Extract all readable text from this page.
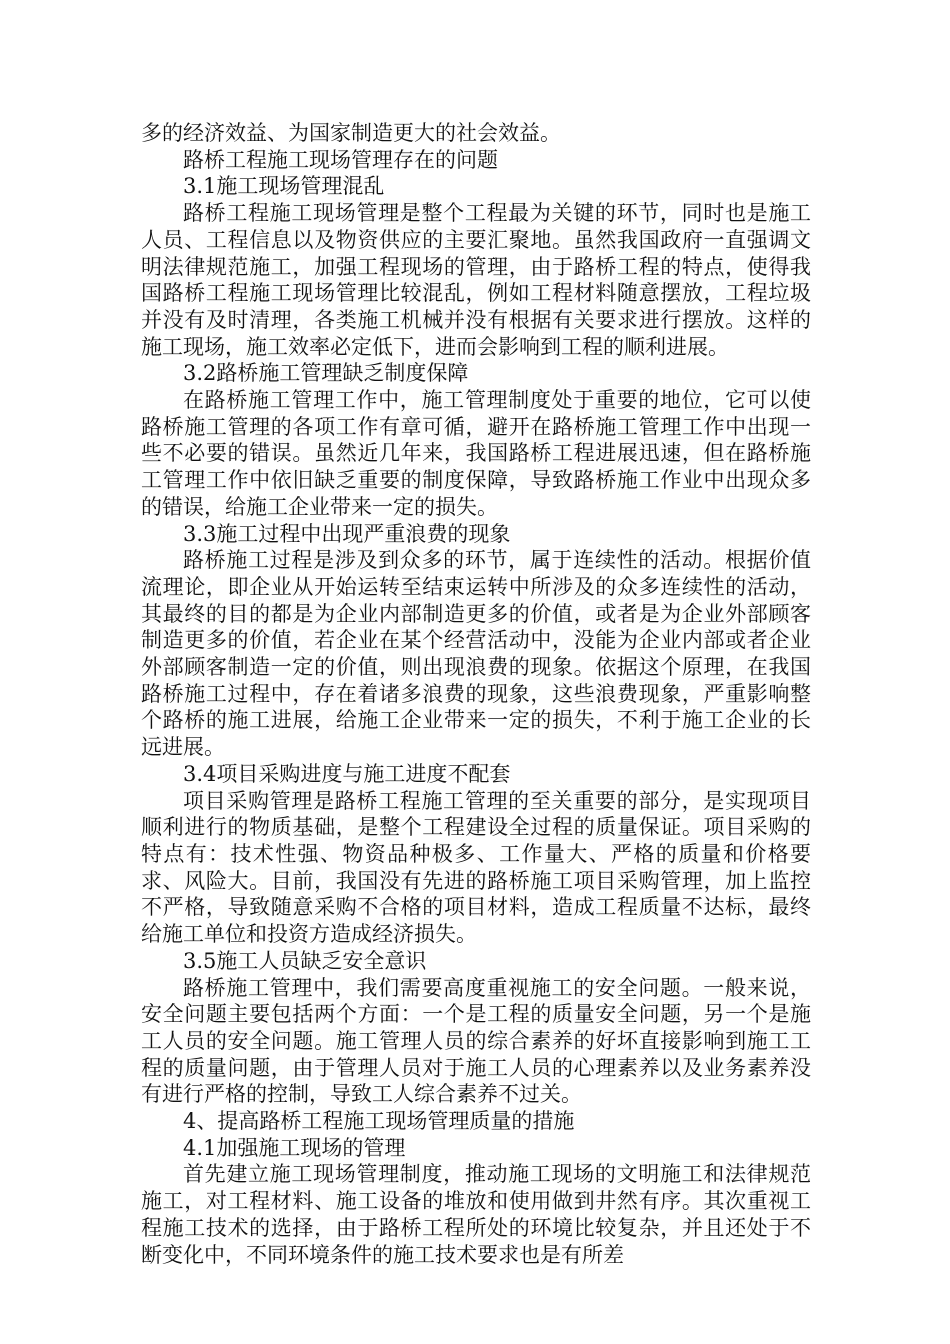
多的经济效益、为国家制造更大的社会效益。

路桥工程施工现场管理存在的问题

3.1施工现场管理混乱

路桥工程施工现场管理是整个工程最为关键的环节，同时也是施工人员、工程信息以及物资供应的主要汇聚地。虽然我国政府一直强调文明法律规范施工，加强工程现场的管理，由于路桥工程的特点，使得我国路桥工程施工现场管理比较混乱，例如工程材料随意摆放，工程垃圾并没有及时清理，各类施工机械并没有根据有关要求进行摆放。这样的施工现场，施工效率必定低下，进而会影响到工程的顺利进展。

3.2路桥施工管理缺乏制度保障

在路桥施工管理工作中，施工管理制度处于重要的地位，它可以使路桥施工管理的各项工作有章可循，避开在路桥施工管理工作中出现一些不必要的错误。虽然近几年来，我国路桥工程进展迅速，但在路桥施工管理工作中依旧缺乏重要的制度保障，导致路桥施工作业中出现众多的错误，给施工企业带来一定的损失。

3.3施工过程中出现严重浪费的现象

路桥施工过程是涉及到众多的环节，属于连续性的活动。根据价值流理论，即企业从开始运转至结束运转中所涉及的众多连续性的活动，其最终的目的都是为企业内部制造更多的价值，或者是为企业外部顾客制造更多的价值，若企业在某个经营活动中，没能为企业内部或者企业外部顾客制造一定的价值，则出现浪费的现象。依据这个原理，在我国路桥施工过程中，存在着诸多浪费的现象，这些浪费现象，严重影响整个路桥的施工进展，给施工企业带来一定的损失，不利于施工企业的长远进展。

3.4项目采购进度与施工进度不配套

项目采购管理是路桥工程施工管理的至关重要的部分，是实现项目顺利进行的物质基础，是整个工程建设全过程的质量保证。项目采购的特点有：技术性强、物资品种极多、工作量大、严格的质量和价格要求、风险大。目前，我国没有先进的路桥施工项目采购管理，加上监控不严格，导致随意采购不合格的项目材料，造成工程质量不达标，最终给施工单位和投资方造成经济损失。

3.5施工人员缺乏安全意识

路桥施工管理中，我们需要高度重视施工的安全问题。一般来说，安全问题主要包括两个方面：一个是工程的质量安全问题，另一个是施工人员的安全问题。施工管理人员的综合素养的好坏直接影响到施工工程的质量问题，由于管理人员对于施工人员的心理素养以及业务素养没有进行严格的控制，导致工人综合素养不过关。

4、提高路桥工程施工现场管理质量的措施

4.1加强施工现场的管理

首先建立施工现场管理制度，推动施工现场的文明施工和法律规范施工，对工程材料、施工设备的堆放和使用做到井然有序。其次重视工程施工技术的选择，由于路桥工程所处的环境比较复杂，并且还处于不断变化中，不同环境条件的施工技术要求也是有所差
